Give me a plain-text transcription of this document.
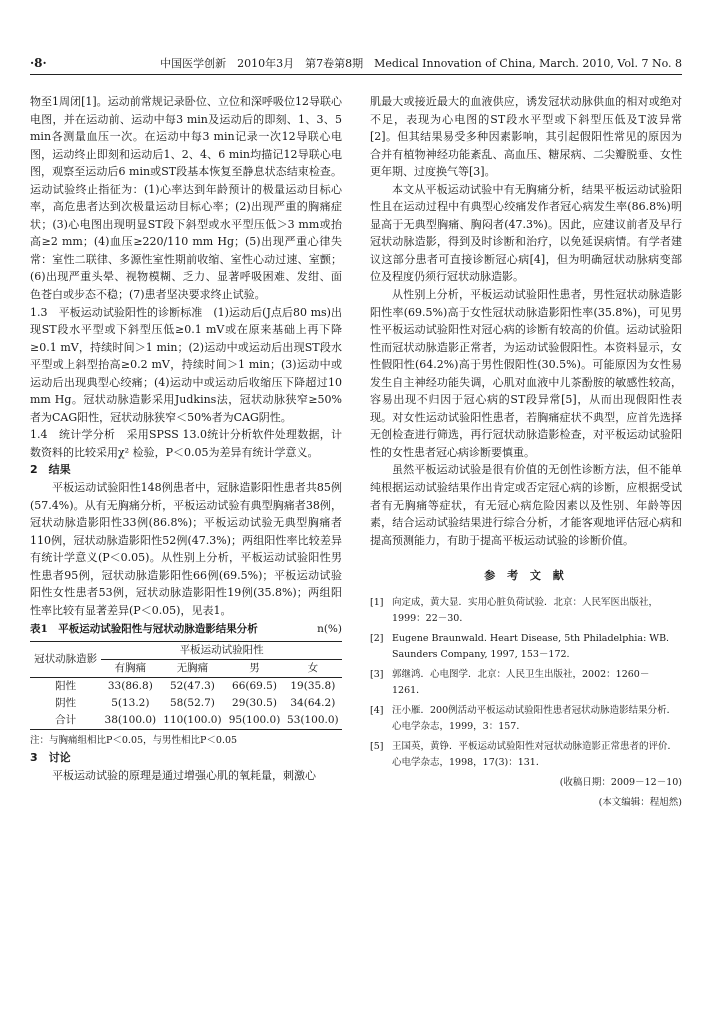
·8·	中国医学创新　2010年3月　第7卷第8期　Medical Innovation of China, March. 2010, Vol. 7 No. 8

物至1周闭[1]。运动前常规记录卧位、立位和深呼吸位12导联心电图，并在运动前、运动中每3 min及运动后的即刻、1、3、5 min各测量血压一次。在运动中每3 min记录一次12导联心电图，运动终止即刻和运动后1、2、4、6 min均描记12导联心电图，观察至运动后6 min或ST段基本恢复至静息状态结束检查。运动试验终止指征为：(1)心率达到年龄预计的极量运动目标心率，高危患者达到次极量运动目标心率；(2)出现严重的胸痛症状；(3)心电图出现明显ST段下斜型或水平型压低＞3 mm或抬高≥2 mm；(4)血压≥220/110 mm Hg；(5)出现严重心律失常：室性二联律、多源性室性期前收缩、室性心动过速、室颤；(6)出现严重头晕、视物模糊、乏力、显著呼吸困难、发绀、面色苍白或步态不稳；(7)患者坚决要求终止试验。

1.3　平板运动试验阳性的诊断标准　(1)运动后(J点后80 ms)出现ST段水平型或下斜型压低≥0.1 mV或在原来基础上再下降≥0.1 mV，持续时间＞1 min；(2)运动中或运动后出现ST段水平型或上斜型抬高≥0.2 mV，持续时间＞1 min；(3)运动中或运动后出现典型心绞痛；(4)运动中或运动后收缩压下降超过10 mm Hg。冠状动脉造影采用Judkins法，冠状动脉狭窄≥50%者为CAG阳性，冠状动脉狭窄＜50%者为CAG阴性。

1.4　统计学分析　采用SPSS 13.0统计分析软件处理数据，计数资料的比较采用χ² 检验，P＜0.05为差异有统计学意义。

2　结果

平板运动试验阳性148例患者中，冠脉造影阳性患者共85例(57.4%)。从有无胸痛分析，平板运动试验有典型胸痛者38例，冠状动脉造影阳性33例(86.8%)；平板运动试验无典型胸痛者110例，冠状动脉造影阳性52例(47.3%)；两组阳性率比较差异有统计学意义(P＜0.05)。从性别上分析，平板运动试验阳性男性患者95例，冠状动脉造影阳性66例(69.5%)；平板运动试验阳性女性患者53例，冠状动脉造影阳性19例(35.8%)；两组阳性率比较有显著差异(P＜0.05)，见表1。

表1　平板运动试验阳性与冠状动脉造影结果分析	n(%)
冠状动脉造影	平板运动试验阳性			
	有胸痛	无胸痛	男	女
阳性	33(86.8)	52(47.3)	66(69.5)	19(35.8)
阴性	5(13.2)	58(52.7)	29(30.5)	34(64.2)
合计	38(100.0)	110(100.0)	95(100.0)	53(100.0)

注：与胸痛组相比P＜0.05，与男性相比P＜0.05

3　讨论

平板运动试验的原理是通过增强心肌的氧耗量，刺激心

肌最大或接近最大的血液供应，诱发冠状动脉供血的相对或绝对不足，表现为心电图的ST段水平型或下斜型压低及T波异常[2]。但其结果易受多种因素影响，其引起假阳性常见的原因为合并有植物神经功能紊乱、高血压、糖尿病、二尖瓣脱垂、女性更年期、过度换气等[3]。

本文从平板运动试验中有无胸痛分析，结果平板运动试验阳性且在运动过程中有典型心绞痛发作者冠心病发生率(86.8%)明显高于无典型胸痛、胸闷者(47.3%)。因此，应建议前者及早行冠状动脉造影，得到及时诊断和治疗，以免延误病情。有学者建议这部分患者可直接诊断冠心病[4]，但为明确冠状动脉病变部位及程度仍须行冠状动脉造影。

从性别上分析，平板运动试验阳性患者，男性冠状动脉造影阳性率(69.5%)高于女性冠状动脉造影阳性率(35.8%)，可见男性平板运动试验阳性对冠心病的诊断有较高的价值。运动试验阳性而冠状动脉造影正常者，为运动试验假阳性。本资料显示，女性假阳性(64.2%)高于男性假阳性(30.5%)。可能原因为女性易发生自主神经功能失调，心肌对血液中儿茶酚胺的敏感性较高，容易出现不归因于冠心病的ST段异常[5]，从而出现假阳性表现。对女性运动试验阳性患者，若胸痛症状不典型，应首先选择无创检查进行筛选，再行冠状动脉造影检查，对平板运动试验阳性的女性患者冠心病诊断要慎重。

虽然平板运动试验是很有价值的无创性诊断方法，但不能单纯根据运动试验结果作出肯定或否定冠心病的诊断，应根据受试者有无胸痛等症状，有无冠心病危险因素以及性别、年龄等因素，结合运动试验结果进行综合分析，才能客观地评估冠心病和提高预测能力，有助于提高平板运动试验的诊断价值。

参 考 文 献
[1] 向定成，黄大显．实用心脏负荷试验．北京：人民军医出版社，1999：22－30．
[2] Eugene Braunwald. Heart Disease, 5th Philadelphia: WB. Saunders Company, 1997, 153－172.
[3] 郭继鸿．心电图学．北京：人民卫生出版社，2002：1260－1261．
[4] 汪小雁．200例活动平板运动试验阳性患者冠状动脉造影结果分析．心电学杂志，1999，3：157．
[5] 王国英，黄铮．平板运动试验阳性对冠状动脉造影正常患者的评价．心电学杂志，1998，17(3)：131．
(收稿日期：2009－12－10)
(本文编辑：程旭然)
